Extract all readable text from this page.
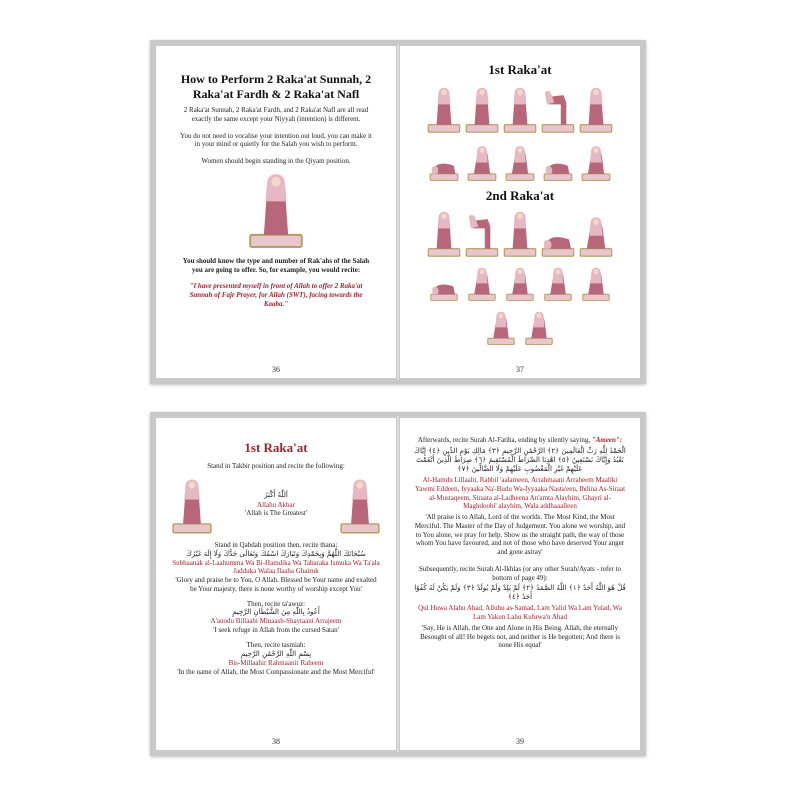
How to Perform 2 Raka'at Sunnah, 2 Raka'at Fardh & 2 Raka'at Nafl

2 Raka'at Sunnah, 2 Raka'at Fardh, and 2 Raka'at Nafl are all read exactly the same except your Niyyah (intention) is different.

You do not need to vocalise your intention out loud, you can make it in your mind or quietly for the Salah you wish to perform.

Women should begin standing in the Qiyam position.

You should know the type and number of Rak'ahs of the Salah you are going to offer. So, for example, you would recite:

"I have presented myself in front of Allah to offer 2 Raka'at Sunnah of Fajr Prayer, for Allah (SWT), facing towards the Kaaba."

36
1st Raka'at
2nd Raka'at
37
1st Raka'at

Stand in Takbir position and recite the following:

اَللّٰهُ أَكْبَرُ
Allahu Akbar
'Allah is The Greatest'

Stand in Qabdah position then, recite thana:

سُبْحَانَكَ اللَّهُمَّ وَبِحَمْدِكَ وَتَبَارَكَ اسْمُكَ وَتَعَالَى جَدُّكَ وَلَا إِلَهَ غَيْرُكَ

Subhaanak al-Laahumma Wa Bi-Hamdika Wa Tabaraka Ismuka Wa Ta'ala Jadduka Walaa Ilaaha Ghairuk

'Glory and praise be to You, O Allah. Blessed be Your name and exalted be Your majesty, there is none worthy of worship except You'

Then, recite ta'awuz:

أَعُوذُ بِاللّٰهِ مِنَ الشَّيْطَانِ الرَّجِيمِ

A'auodu Billaahi Minaash-Shaytaani Arrajeem

'I seek refuge in Allah from the cursed Satan'

Then, recite tasmiah:

بِسْمِ اللّٰهِ الرَّحْمَٰنِ الرَّحِيمِ

Bis-Millaahir Rahmaanir Raheem

'In the name of Allah, the Most Compassionate and the Most Merciful'

38

Afterwards, recite Surah Al-Fatiha, ending by silently saying, "Ameen":

الْحَمْدُ لِلَّهِ رَبِّ الْعَالَمِينَ ﴿٢﴾ الرَّحْمَٰنِ الرَّحِيمِ ﴿٣﴾ مَالِكِ يَوْمِ الدِّينِ ﴿٤﴾ إِيَّاكَ نَعْبُدُ وَإِيَّاكَ نَسْتَعِينُ ﴿٥﴾ اهْدِنَا الصِّرَاطَ الْمُسْتَقِيمَ ﴿٦﴾ صِرَاطَ الَّذِينَ أَنْعَمْتَ عَلَيْهِمْ غَيْرِ الْمَغْضُوبِ عَلَيْهِمْ وَلَا الضَّالِّينَ ﴿٧﴾

Al-Hamdu Lillaahi, Rabbil 'aalameen, Arrahmaani Arraheem Maaliki Yawmi Eddeen, Iyyaaka Na'-Budu Wa-Iyyaaka Nasta'een, Ihdina As-Siraat al-Mustaqeem, Siraata al-Ladheena An'amta Alayhim, Ghayri al-Maghdoobi' alayhim, Wala addhaaalleen

'All praise is to Allah, Lord of the worlds. The Most Kind, the Most Merciful. The Master of the Day of Judgement. You alone we worship, and to You alone, we pray for help. Show us the straight path, the way of those whom You have favoured, and not of those who have deserved Your anger and gone astray'

Subsequently, recite Surah Al-Ikhlas (or any other Surah/Ayats - refer to bottom of page 49):

قُلْ هُوَ اللَّهُ أَحَدٌ ﴿١﴾ اللَّهُ الصَّمَدُ ﴿٢﴾ لَمْ يَلِدْ وَلَمْ يُولَدْ ﴿٣﴾ وَلَمْ يَكُنْ لَهُ كُفُوًا أَحَدٌ ﴿٤﴾

Qul Huwa Alahu Ahad, Alluhu as-Samad, Lam Yalid Wa Lam Yulad, Wa Lam Yakun Lahu Kufuwa'n Ahad

'Say, He is Allah, the One and Alone in His Being. Allah, the eternally Besought of all! He begets not, and neither is He begotten; And there is none His equal'

39
